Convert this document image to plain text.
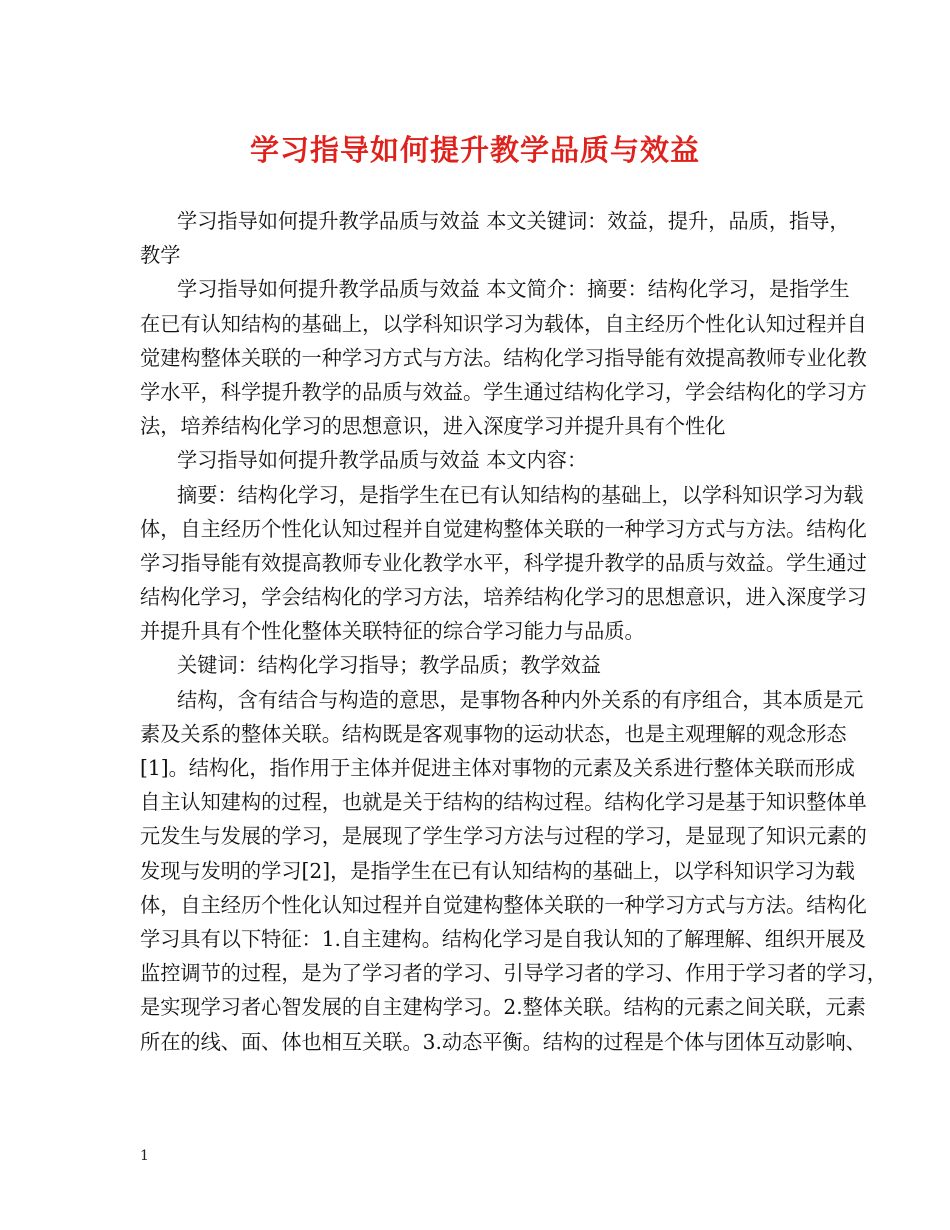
学习指导如何提升教学品质与效益
学习指导如何提升教学品质与效益 本文关键词：效益，提升，品质，指导，
教学
学习指导如何提升教学品质与效益 本文简介：摘要：结构化学习，是指学生
在已有认知结构的基础上，以学科知识学习为载体，自主经历个性化认知过程并自
觉建构整体关联的一种学习方式与方法。结构化学习指导能有效提高教师专业化教
学水平，科学提升教学的品质与效益。学生通过结构化学习，学会结构化的学习方
法，培养结构化学习的思想意识，进入深度学习并提升具有个性化
学习指导如何提升教学品质与效益 本文内容：
摘要：结构化学习，是指学生在已有认知结构的基础上，以学科知识学习为载
体，自主经历个性化认知过程并自觉建构整体关联的一种学习方式与方法。结构化
学习指导能有效提高教师专业化教学水平，科学提升教学的品质与效益。学生通过
结构化学习，学会结构化的学习方法，培养结构化学习的思想意识，进入深度学习
并提升具有个性化整体关联特征的综合学习能力与品质。
关键词：结构化学习指导；教学品质；教学效益
结构，含有结合与构造的意思，是事物各种内外关系的有序组合，其本质是元
素及关系的整体关联。结构既是客观事物的运动状态，也是主观理解的观念形态
[1]。结构化，指作用于主体并促进主体对事物的元素及关系进行整体关联而形成
自主认知建构的过程，也就是关于结构的结构过程。结构化学习是基于知识整体单
元发生与发展的学习，是展现了学生学习方法与过程的学习，是显现了知识元素的
发现与发明的学习[2]，是指学生在已有认知结构的基础上，以学科知识学习为载
体，自主经历个性化认知过程并自觉建构整体关联的一种学习方式与方法。结构化
学习具有以下特征：1.自主建构。结构化学习是自我认知的了解理解、组织开展及
监控调节的过程，是为了学习者的学习、引导学习者的学习、作用于学习者的学习，
是实现学习者心智发展的自主建构学习。2.整体关联。结构的元素之间关联，元素
所在的线、面、体也相互关联。3.动态平衡。结构的过程是个体与团体互动影响、
1
